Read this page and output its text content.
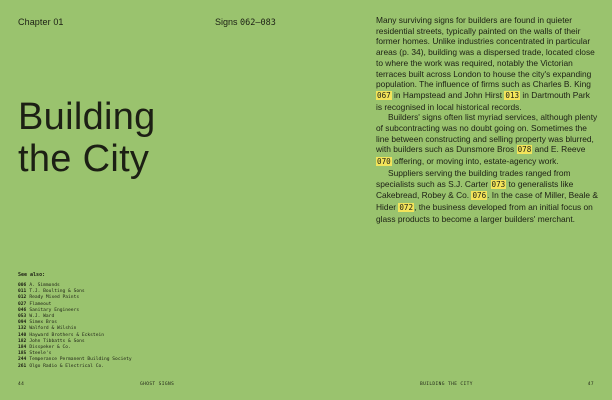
Chapter 01	Signs 062–083
Building
the City
See also:
006 A. Simmonds
011 T.J. Boulting & Sons
012 Ready Mixed Paints
027 Flameout
046 Sanitary Engineers
053 W.J. Ward
094 Simex Bros
132 Walford & Wilshin
140 Hayward Brothers & Eckstein
182 John Tibbatts & Sons
184 Disspeker & Co.
185 Steele's
244 Temperance Permanent Building Society
261 Olgo Radio & Electrical Co.
44	GHOST SIGNS

Many surviving signs for builders are found in quieter residential streets, typically painted on the walls of their former homes. Unlike industries concentrated in particular areas (p. 34), building was a dispersed trade, located close to where the work was required, notably the Victorian terraces built across London to house the city's expanding population. The influence of firms such as Charles B. King 067 in Hampstead and John Hirst 013 in Dartmouth Park is recognised in local historical records.

Builders' signs often list myriad services, although plenty of subcontracting was no doubt going on. Sometimes the line between constructing and selling property was blurred, with builders such as Dunsmore Bros 078 and E. Reeve 070 offering, or moving into, estate-agency work.

Suppliers serving the building trades ranged from specialists such as S.J. Carter 073 to generalists like Cakebread, Robey & Co. 076. In the case of Miller, Beale & Hider 072, the business developed from an initial focus on glass products to become a larger builders' merchant.

BUILDING THE CITY	47
